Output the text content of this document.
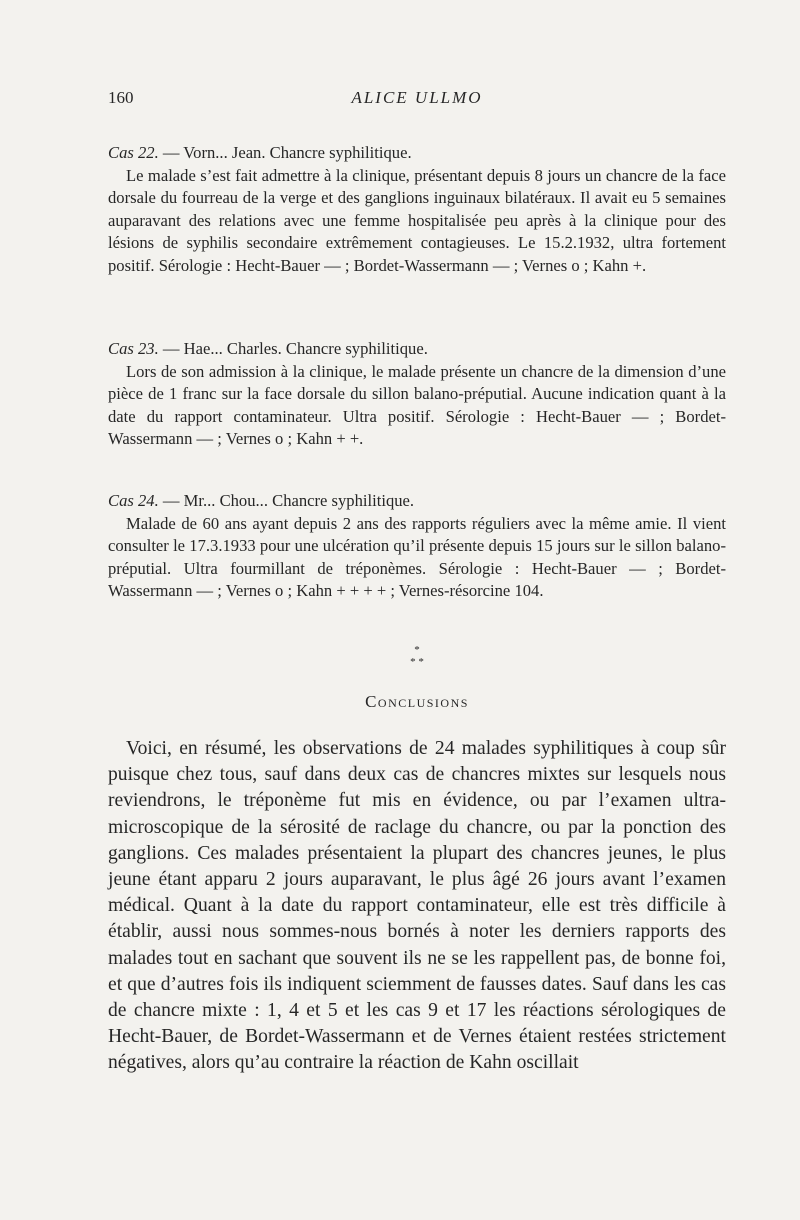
160	ALICE ULLMO

Cas 22. — Vorn... Jean. Chancre syphilitique.

Le malade s’est fait admettre à la clinique, présentant depuis 8 jours un chancre de la face dorsale du fourreau de la verge et des ganglions inguinaux bilatéraux. Il avait eu 5 semaines auparavant des relations avec une femme hospitalisée peu après à la clinique pour des lésions de syphilis secondaire extrêmement contagieuses. Le 15.2.1932, ultra fortement positif. Sérologie : Hecht-Bauer — ; Bordet-Wassermann — ; Vernes o ; Kahn +.

Cas 23. — Hae... Charles. Chancre syphilitique.

Lors de son admission à la clinique, le malade présente un chancre de la dimension d’une pièce de 1 franc sur la face dorsale du sillon balano-préputial. Aucune indication quant à la date du rapport contaminateur. Ultra positif. Sérologie : Hecht-Bauer — ; Bordet-Wassermann — ; Vernes o ; Kahn + +.

Cas 24. — Mr... Chou... Chancre syphilitique.

Malade de 60 ans ayant depuis 2 ans des rapports réguliers avec la même amie. Il vient consulter le 17.3.1933 pour une ulcération qu’il présente depuis 15 jours sur le sillon balano-préputial. Ultra fourmillant de tréponèmes. Sérologie : Hecht-Bauer — ; Bordet-Wassermann — ; Vernes o ; Kahn + + + + ; Vernes-résorcine 104.

*
* *
Conclusions

Voici, en résumé, les observations de 24 malades syphilitiques à coup sûr puisque chez tous, sauf dans deux cas de chancres mixtes sur lesquels nous reviendrons, le tréponème fut mis en évidence, ou par l’examen ultra-microscopique de la sérosité de raclage du chancre, ou par la ponction des ganglions. Ces malades présentaient la plupart des chancres jeunes, le plus jeune étant apparu 2 jours auparavant, le plus âgé 26 jours avant l’examen médical. Quant à la date du rapport contaminateur, elle est très difficile à établir, aussi nous sommes-nous bornés à noter les derniers rapports des malades tout en sachant que souvent ils ne se les rappellent pas, de bonne foi, et que d’autres fois ils indiquent sciemment de fausses dates. Sauf dans les cas de chancre mixte : 1, 4 et 5 et les cas 9 et 17 les réactions sérologiques de Hecht-Bauer, de Bordet-Wassermann et de Vernes étaient restées strictement négatives, alors qu’au contraire la réaction de Kahn oscillait
